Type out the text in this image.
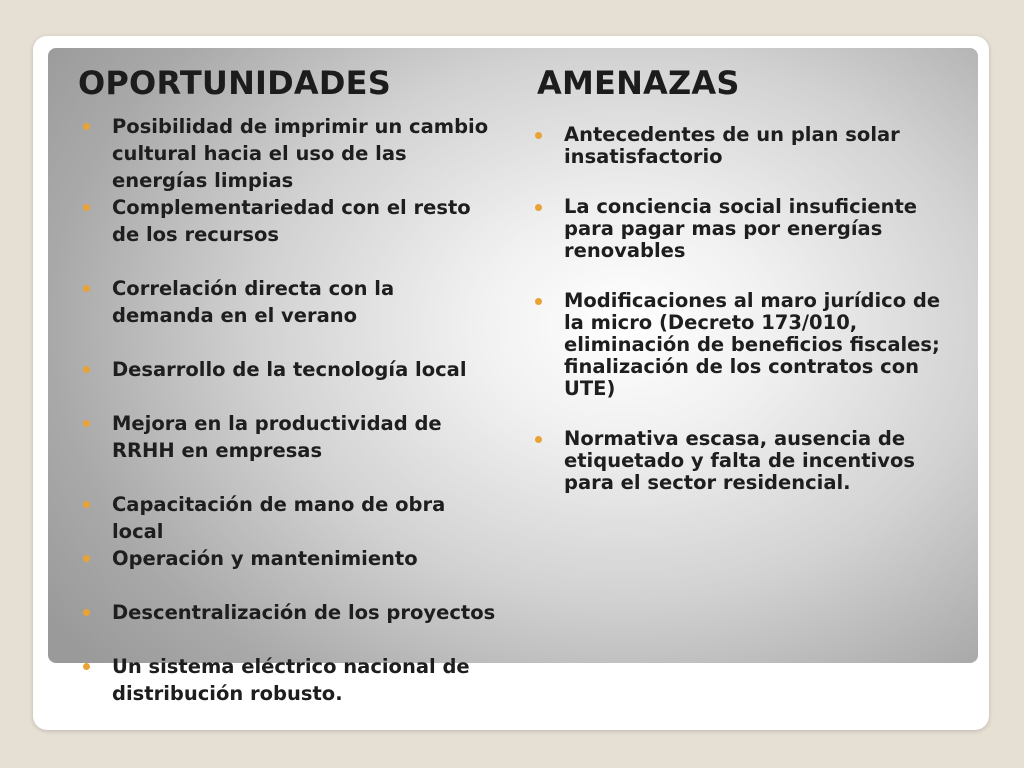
OPORTUNIDADES	AMENAZAS
Posibilidad de imprimir un cambio cultural hacia el uso de las energías limpias
Complementariedad con el resto de los recursos
Correlación directa con la demanda en el verano
Desarrollo de la tecnología local
Mejora en la productividad de RRHH en empresas
Capacitación de mano de obra local
Operación y mantenimiento
Descentralización de los proyectos
Un sistema eléctrico nacional de distribución robusto.
Antecedentes de un plan solar insatisfactorio
La conciencia social insuficiente para pagar mas por energías renovables
Modificaciones al maro jurídico de la micro (Decreto 173/010, eliminación de beneficios fiscales; finalización de los contratos con UTE)
Normativa escasa, ausencia de etiquetado y falta de incentivos para el sector residencial.
